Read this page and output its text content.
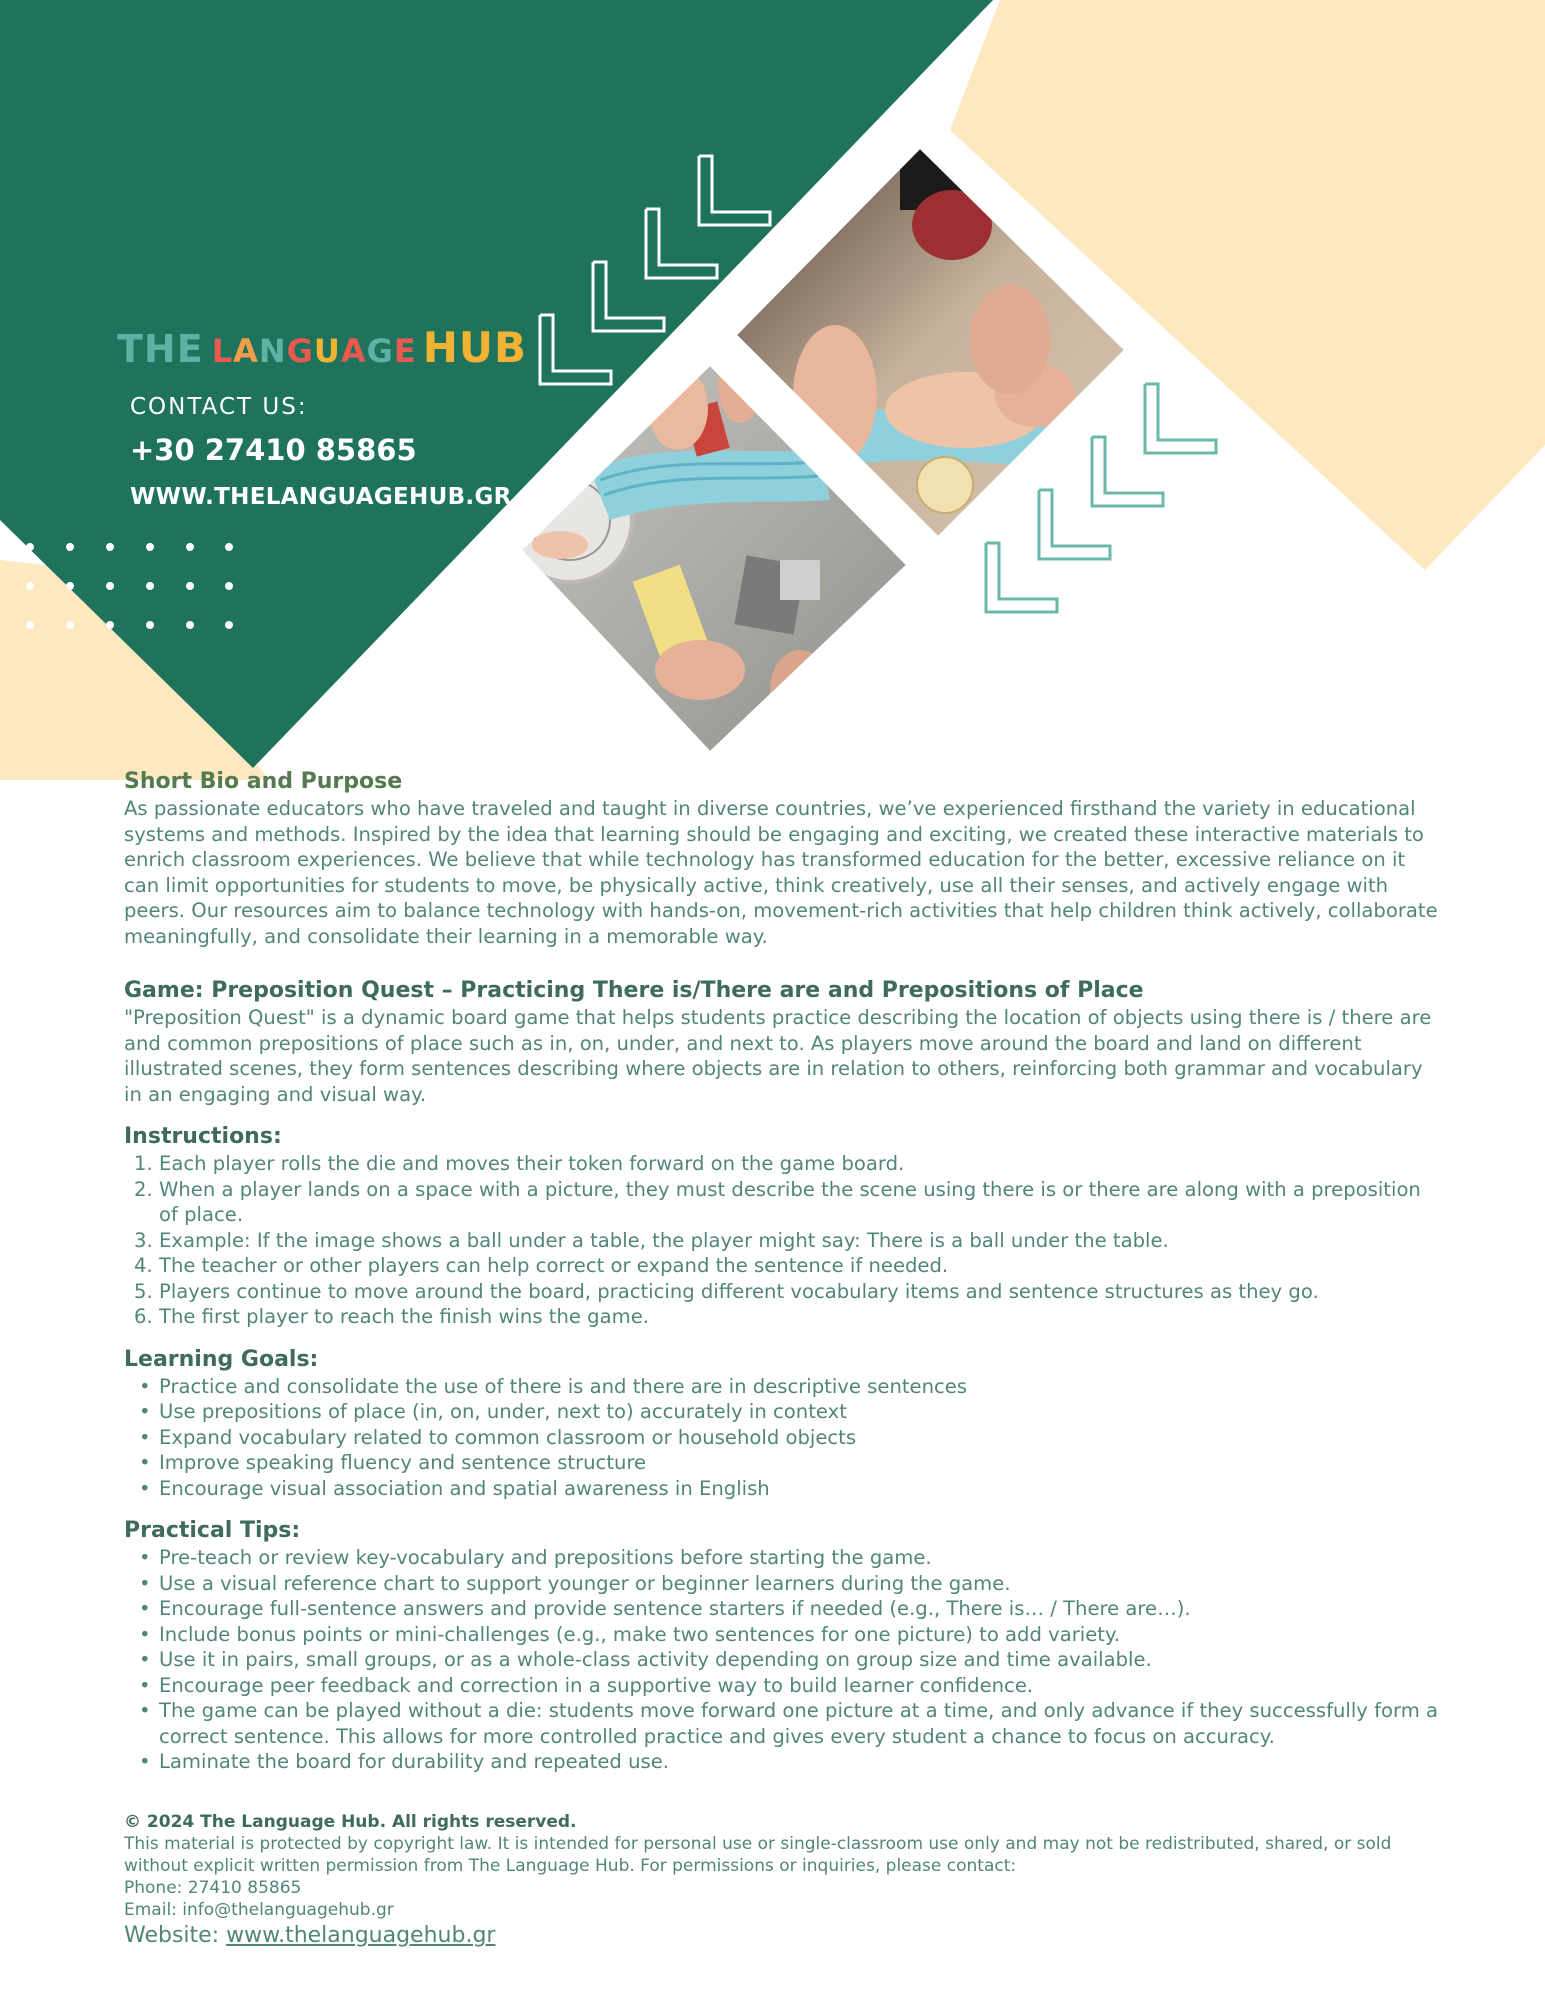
THE LANGUAGE HUB
CONTACT US:
+30 27410 85865
WWW.THELANGUAGEHUB.GR
Short Bio and Purpose

As passionate educators who have traveled and taught in diverse countries, we’ve experienced firsthand the variety in educational systems and methods. Inspired by the idea that learning should be engaging and exciting, we created these interactive materials to enrich classroom experiences. We believe that while technology has transformed education for the better, excessive reliance on it can limit opportunities for students to move, be physically active, think creatively, use all their senses, and actively engage with peers. Our resources aim to balance technology with hands-on, movement-rich activities that help children think actively, collaborate meaningfully, and consolidate their learning in a memorable way.

Game: Preposition Quest – Practicing There is/There are and Prepositions of Place

"Preposition Quest" is a dynamic board game that helps students practice describing the location of objects using there is / there are and common prepositions of place such as in, on, under, and next to. As players move around the board and land on different illustrated scenes, they form sentences describing where objects are in relation to others, reinforcing both grammar and vocabulary in an engaging and visual way.

Instructions:
1. Each player rolls the die and moves their token forward on the game board.
2. When a player lands on a space with a picture, they must describe the scene using there is or there are along with a preposition of place.
3. Example: If the image shows a ball under a table, the player might say: There is a ball under the table.
4. The teacher or other players can help correct or expand the sentence if needed.
5. Players continue to move around the board, practicing different vocabulary items and sentence structures as they go.
6. The first player to reach the finish wins the game.
Learning Goals:
• Practice and consolidate the use of there is and there are in descriptive sentences
• Use prepositions of place (in, on, under, next to) accurately in context
• Expand vocabulary related to common classroom or household objects
• Improve speaking fluency and sentence structure
• Encourage visual association and spatial awareness in English
Practical Tips:
• Pre-teach or review key-vocabulary and prepositions before starting the game.
• Use a visual reference chart to support younger or beginner learners during the game.
• Encourage full-sentence answers and provide sentence starters if needed (e.g., There is… / There are…).
• Include bonus points or mini-challenges (e.g., make two sentences for one picture) to add variety.
• Use it in pairs, small groups, or as a whole-class activity depending on group size and time available.
• Encourage peer feedback and correction in a supportive way to build learner confidence.
• The game can be played without a die: students move forward one picture at a time, and only advance if they successfully form a correct sentence. This allows for more controlled practice and gives every student a chance to focus on accuracy.
• Laminate the board for durability and repeated use.
© 2024 The Language Hub. All rights reserved.
This material is protected by copyright law. It is intended for personal use or single-classroom use only and may not be redistributed, shared, or sold without explicit written permission from The Language Hub. For permissions or inquiries, please contact:
Phone: 27410 85865
Email: info@thelanguagehub.gr
Website: www.thelanguagehub.gr
